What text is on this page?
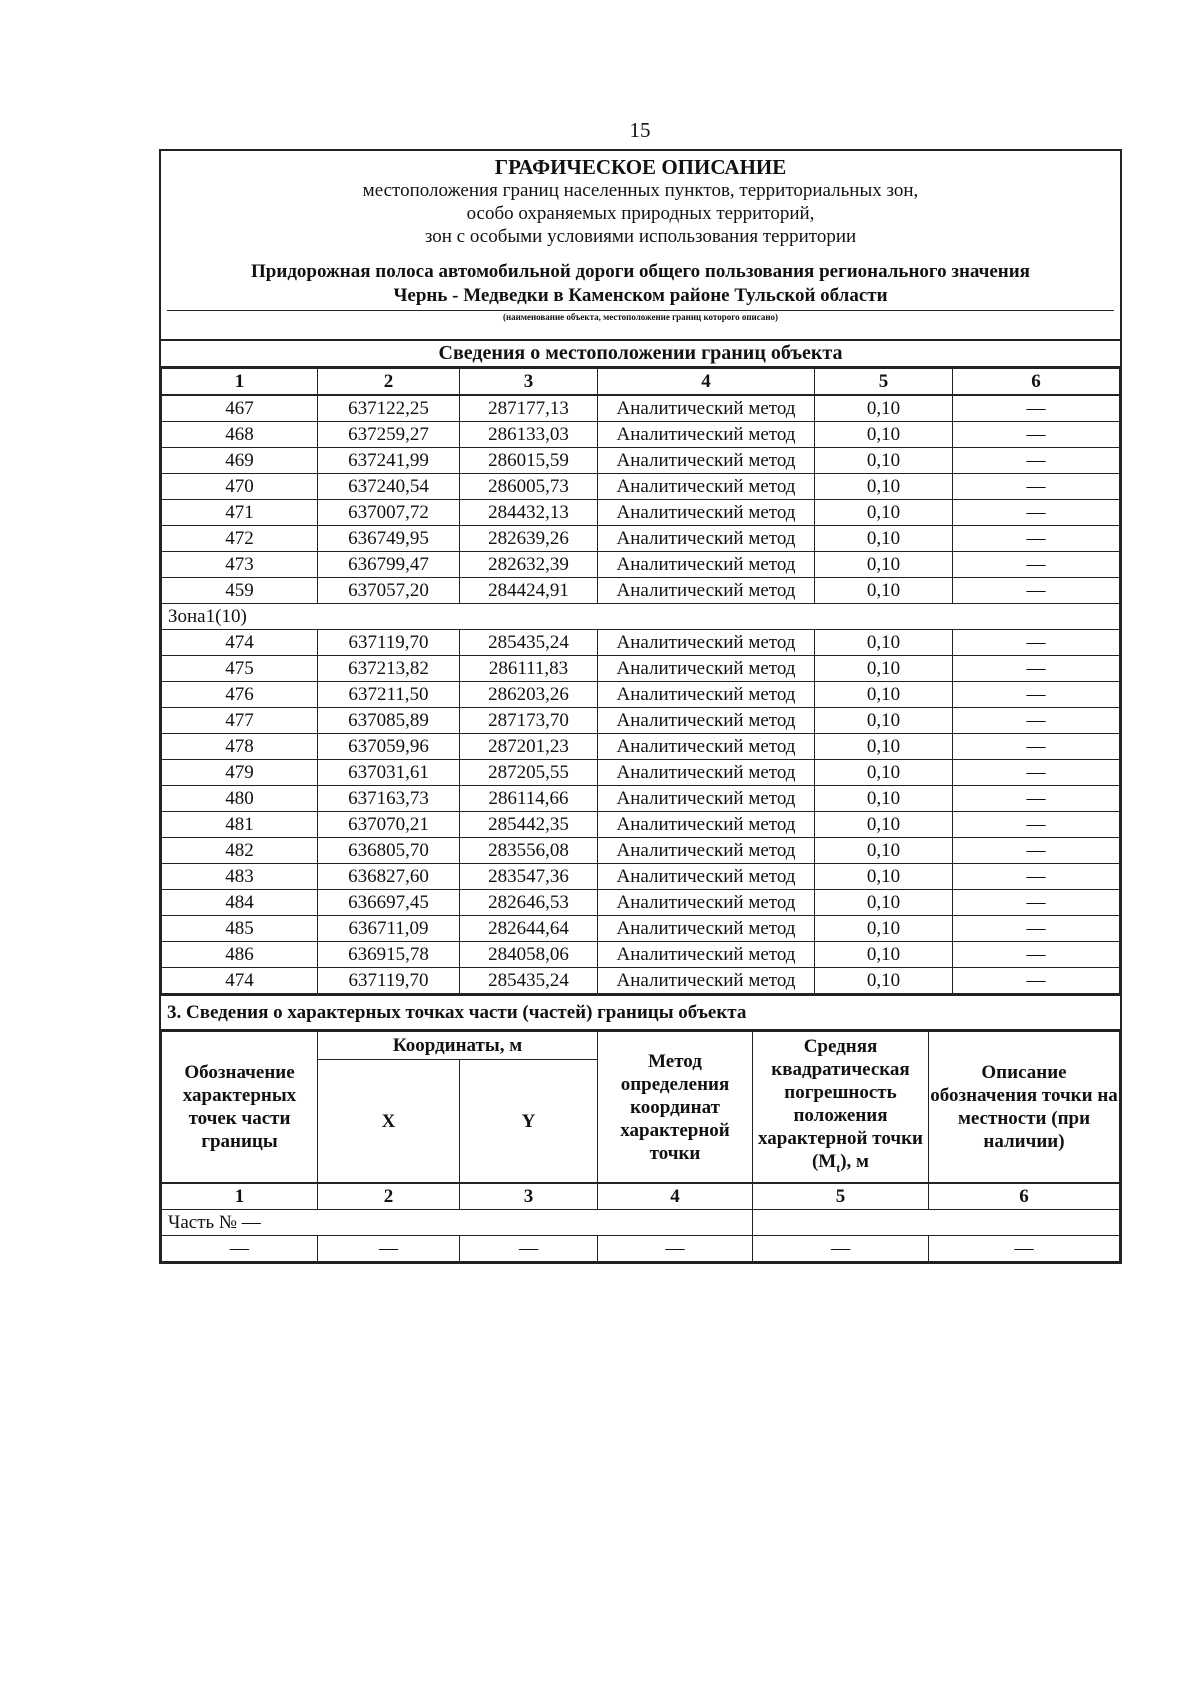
15
ГРАФИЧЕСКОЕ ОПИСАНИЕ
местоположения границ населенных пунктов, территориальных зон,
особо охраняемых природных территорий,
зон с особыми условиями использования территории
Придорожная полоса автомобильной дороги общего пользования регионального значения
Чернь - Медведки в Каменском районе Тульской области
(наименование объекта, местоположение границ которого описано)
Сведения о местоположении границ объекта
1	2	3	4	5	6
467	637122,25	287177,13	Аналитический метод	0,10	—
468	637259,27	286133,03	Аналитический метод	0,10	—
469	637241,99	286015,59	Аналитический метод	0,10	—
470	637240,54	286005,73	Аналитический метод	0,10	—
471	637007,72	284432,13	Аналитический метод	0,10	—
472	636749,95	282639,26	Аналитический метод	0,10	—
473	636799,47	282632,39	Аналитический метод	0,10	—
459	637057,20	284424,91	Аналитический метод	0,10	—
Зона1(10)					
474	637119,70	285435,24	Аналитический метод	0,10	—
475	637213,82	286111,83	Аналитический метод	0,10	—
476	637211,50	286203,26	Аналитический метод	0,10	—
477	637085,89	287173,70	Аналитический метод	0,10	—
478	637059,96	287201,23	Аналитический метод	0,10	—
479	637031,61	287205,55	Аналитический метод	0,10	—
480	637163,73	286114,66	Аналитический метод	0,10	—
481	637070,21	285442,35	Аналитический метод	0,10	—
482	636805,70	283556,08	Аналитический метод	0,10	—
483	636827,60	283547,36	Аналитический метод	0,10	—
484	636697,45	282646,53	Аналитический метод	0,10	—
485	636711,09	282644,64	Аналитический метод	0,10	—
486	636915,78	284058,06	Аналитический метод	0,10	—
474	637119,70	285435,24	Аналитический метод	0,10	—
3. Сведения о характерных точках части (частей) границы объекта
Обозначение характерных точек части границы	Координаты, м		Метод определения координат характерной точки	Средняя квадратическая погрешность положения характерной точки $(M_t)$, м	Описание обозначения точки на местности (при наличии)
	X	Y			
1	2	3	4	5	6
Часть № —					
—	—	—	—	—	—
